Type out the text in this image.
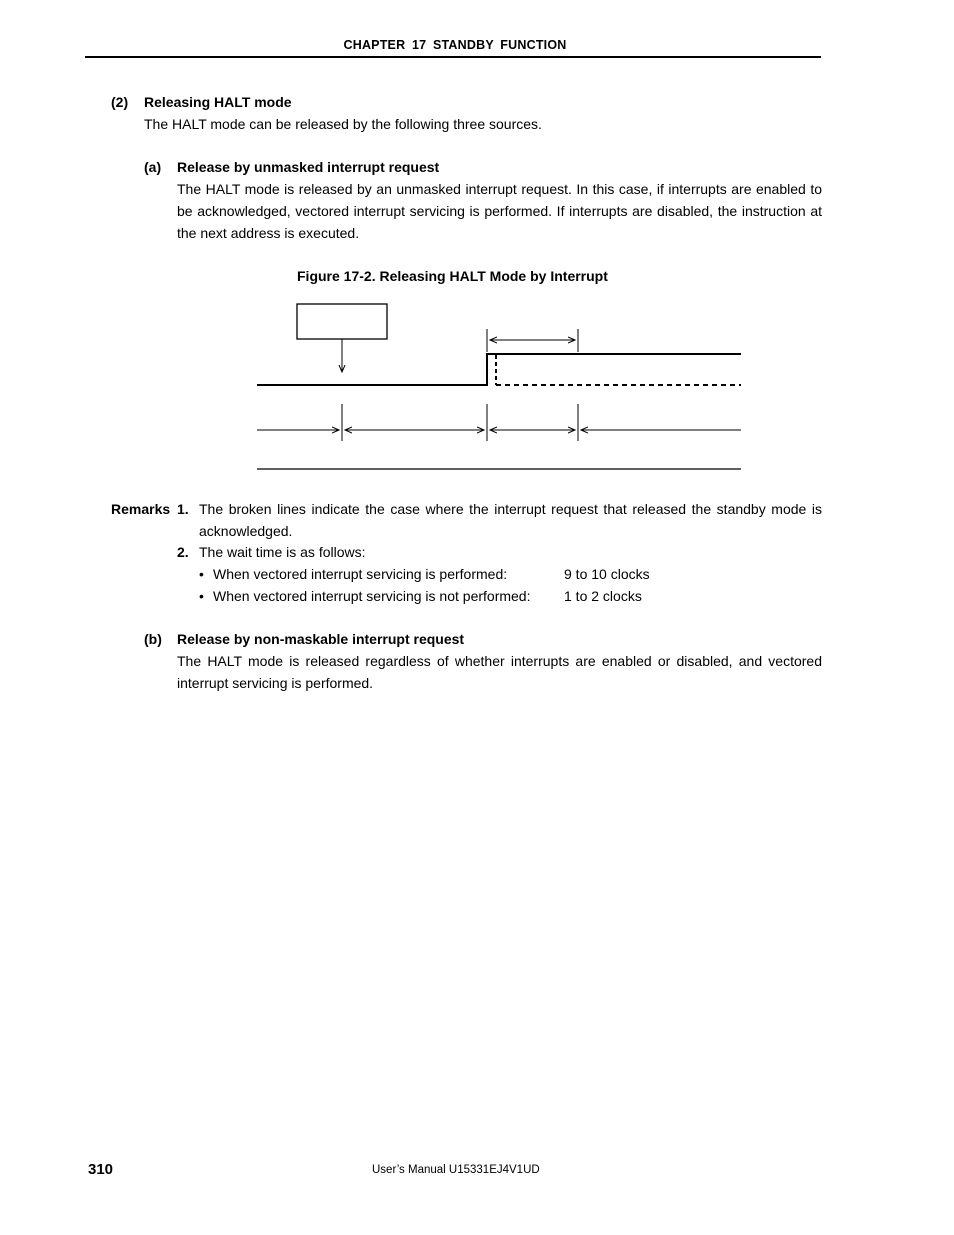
CHAPTER 17 STANDBY FUNCTION
(2) Releasing HALT mode
The HALT mode can be released by the following three sources.
(a) Release by unmasked interrupt request
The HALT mode is released by an unmasked interrupt request. In this case, if interrupts are enabled to
be acknowledged, vectored interrupt servicing is performed. If interrupts are disabled, the instruction at
the next address is executed.
Figure 17-2. Releasing HALT Mode by Interrupt
Remarks 1. The broken lines indicate the case where the interrupt request that released the standby mode is
acknowledged.
2. The wait time is as follows:
• When vectored interrupt servicing is performed:	9 to 10 clocks
• When vectored interrupt servicing is not performed: 1 to 2 clocks
(b) Release by non-maskable interrupt request
The HALT mode is released regardless of whether interrupts are enabled or disabled, and vectored
interrupt servicing is performed.
310	User’s Manual U15331EJ4V1UD
